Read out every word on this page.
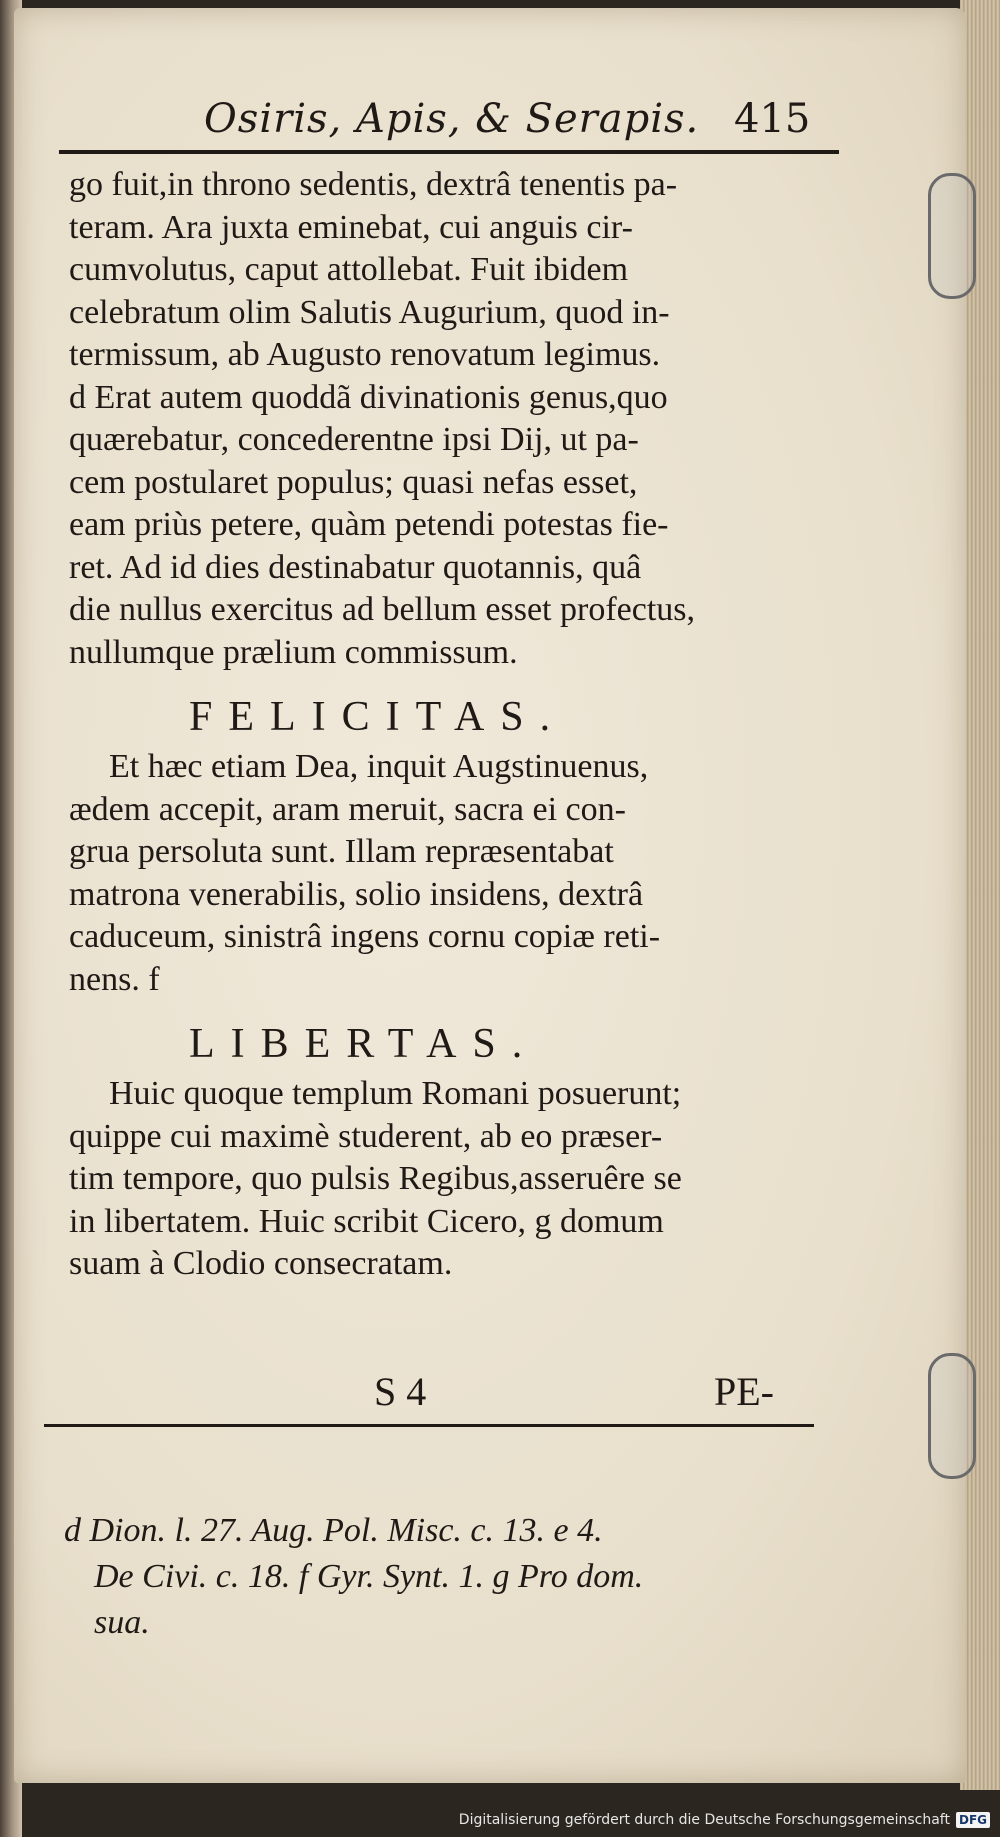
Osiris, Apis, & Serapis. 415
go fuit,in throno sedentis, dextrâ tenentis pa-
teram. Ara juxta eminebat, cui anguis cir-
cumvolutus, caput attollebat. Fuit ibidem
celebratum olim Salutis Augurium, quod in-
termissum, ab Augusto renovatum legimus.
d Erat autem quoddã divinationis genus,quo
quærebatur, concederentne ipsi Dij, ut pa-
cem postularet populus; quasi nefas esset,
eam priùs petere, quàm petendi potestas fie-
ret. Ad id dies destinabatur quotannis, quâ
die nullus exercitus ad bellum esset profectus,
nullumque prælium commissum.
FELICITAS.
Et hæc etiam Dea, inquit Augstinuenus,
ædem accepit, aram meruit, sacra ei con-
grua persoluta sunt. Illam repræsentabat
matrona venerabilis, solio insidens, dextrâ
caduceum, sinistrâ ingens cornu copiæ reti-
nens. f
LIBERTAS.
Huic quoque templum Romani posuerunt;
quippe cui maximè studerent, ab eo præser-
tim tempore, quo pulsis Regibus,asseruêre se
in libertatem. Huic scribit Cicero, g domum
suam à Clodio consecratam.
S 4	PE-
d Dion. l. 27. Aug. Pol. Misc. c. 13. e 4.
De Civi. c. 18. f Gyr. Synt. 1. g Pro dom.
sua.
Digitalisierung gefördert durch die Deutsche Forschungsgemeinschaft DFG
